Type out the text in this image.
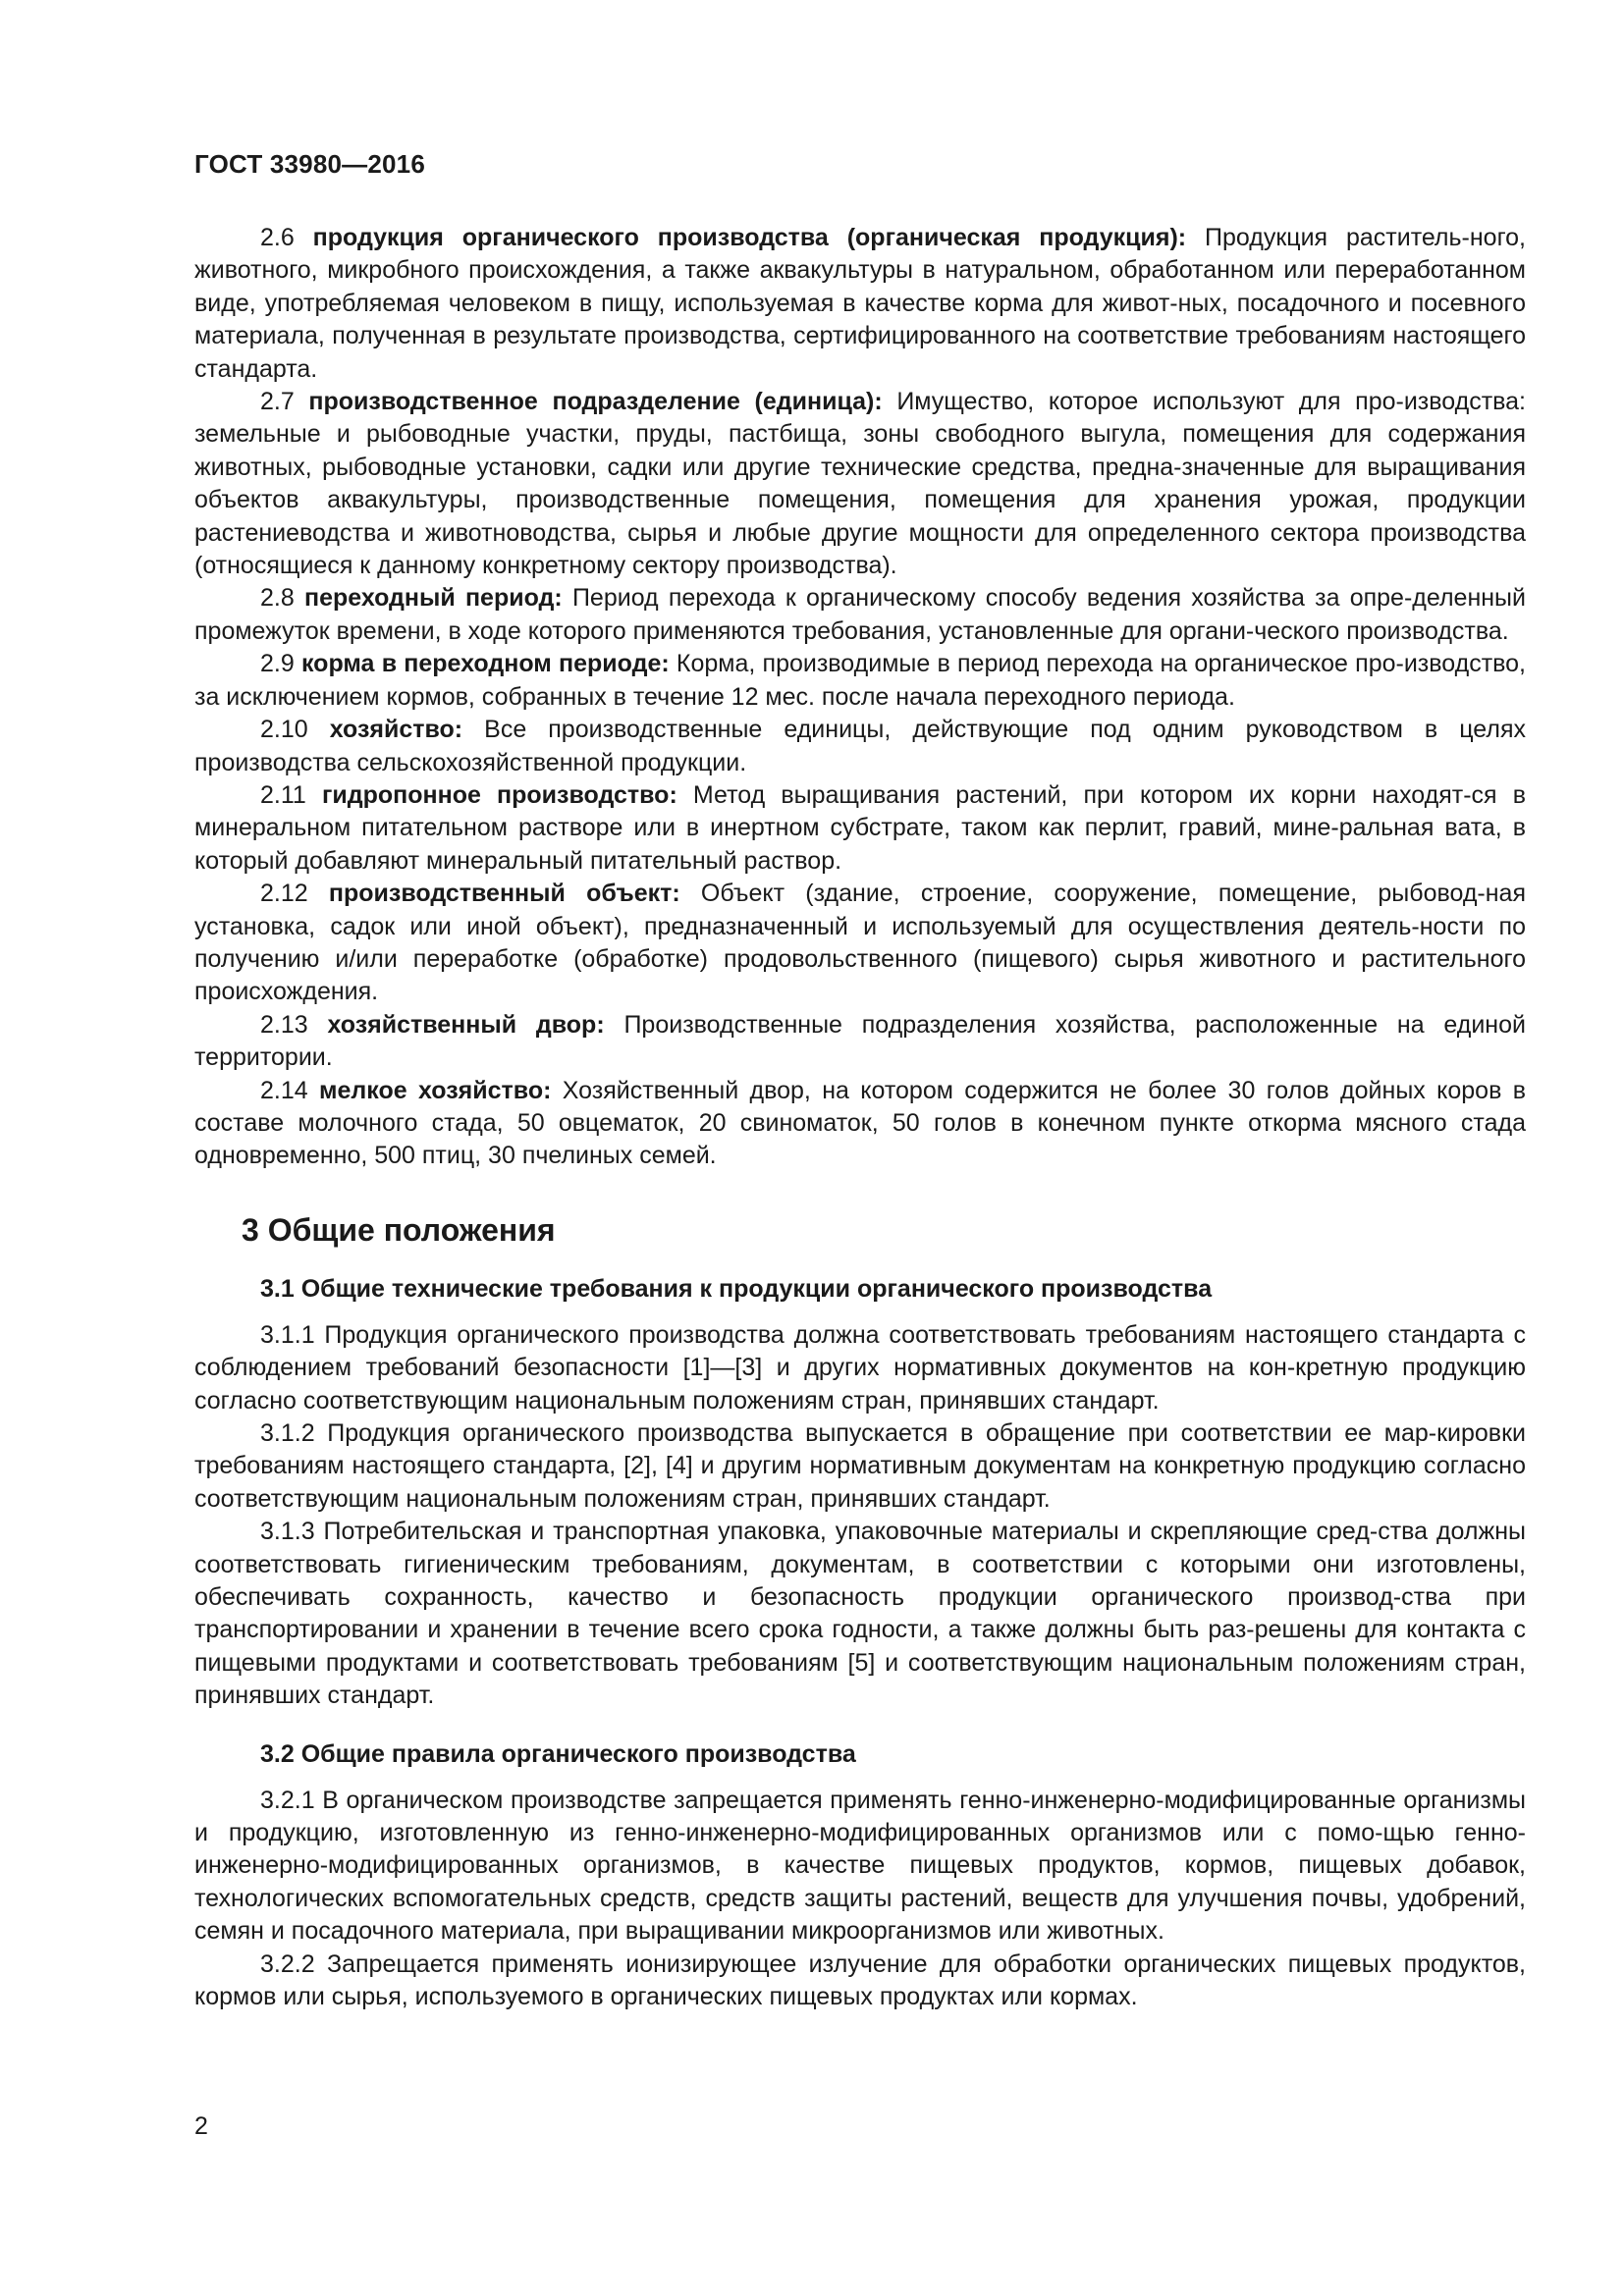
ГОСТ 33980—2016

2.6 продукция органического производства (органическая продукция): Продукция раститель-ного, животного, микробного происхождения, а также аквакультуры в натуральном, обработанном или переработанном виде, употребляемая человеком в пищу, используемая в качестве корма для живот-ных, посадочного и посевного материала, полученная в результате производства, сертифицированного на соответствие требованиям настоящего стандарта.

2.7 производственное подразделение (единица): Имущество, которое используют для про-изводства: земельные и рыбоводные участки, пруды, пастбища, зоны свободного выгула, помещения для содержания животных, рыбоводные установки, садки или другие технические средства, предна-значенные для выращивания объектов аквакультуры, производственные помещения, помещения для хранения урожая, продукции растениеводства и животноводства, сырья и любые другие мощности для определенного сектора производства (относящиеся к данному конкретному сектору производства).

2.8 переходный период: Период перехода к органическому способу ведения хозяйства за опре-деленный промежуток времени, в ходе которого применяются требования, установленные для органи-ческого производства.

2.9 корма в переходном периоде: Корма, производимые в период перехода на органическое про-изводство, за исключением кормов, собранных в течение 12 мес. после начала переходного периода.

2.10 хозяйство: Все производственные единицы, действующие под одним руководством в целях производства сельскохозяйственной продукции.

2.11 гидропонное производство: Метод выращивания растений, при котором их корни находят-ся в минеральном питательном растворе или в инертном субстрате, таком как перлит, гравий, мине-ральная вата, в который добавляют минеральный питательный раствор.

2.12 производственный объект: Объект (здание, строение, сооружение, помещение, рыбовод-ная установка, садок или иной объект), предназначенный и используемый для осуществления деятель-ности по получению и/или переработке (обработке) продовольственного (пищевого) сырья животного и растительного происхождения.

2.13 хозяйственный двор: Производственные подразделения хозяйства, расположенные на единой территории.

2.14 мелкое хозяйство: Хозяйственный двор, на котором содержится не более 30 голов дойных коров в составе молочного стада, 50 овцематок, 20 свиноматок, 50 голов в конечном пункте откорма мясного стада одновременно, 500 птиц, 30 пчелиных семей.

3 Общие положения
3.1 Общие технические требования к продукции органического производства

3.1.1 Продукция органического производства должна соответствовать требованиям настоящего стандарта с соблюдением требований безопасности [1]—[3] и других нормативных документов на кон-кретную продукцию согласно соответствующим национальным положениям стран, принявших стандарт.

3.1.2 Продукция органического производства выпускается в обращение при соответствии ее мар-кировки требованиям настоящего стандарта, [2], [4] и другим нормативным документам на конкретную продукцию согласно соответствующим национальным положениям стран, принявших стандарт.

3.1.3 Потребительская и транспортная упаковка, упаковочные материалы и скрепляющие сред-ства должны соответствовать гигиеническим требованиям, документам, в соответствии с которыми они изготовлены, обеспечивать сохранность, качество и безопасность продукции органического производ-ства при транспортировании и хранении в течение всего срока годности, а также должны быть раз-решены для контакта с пищевыми продуктами и соответствовать требованиям [5] и соответствующим национальным положениям стран, принявших стандарт.

3.2 Общие правила органического производства

3.2.1 В органическом производстве запрещается применять генно-инженерно-модифицированные организмы и продукцию, изготовленную из генно-инженерно-модифицированных организмов или с помо-щью генно-инженерно-модифицированных организмов, в качестве пищевых продуктов, кормов, пищевых добавок, технологических вспомогательных средств, средств защиты растений, веществ для улучшения почвы, удобрений, семян и посадочного материала, при выращивании микроорганизмов или животных.

3.2.2 Запрещается применять ионизирующее излучение для обработки органических пищевых продуктов, кормов или сырья, используемого в органических пищевых продуктах или кормах.

2
